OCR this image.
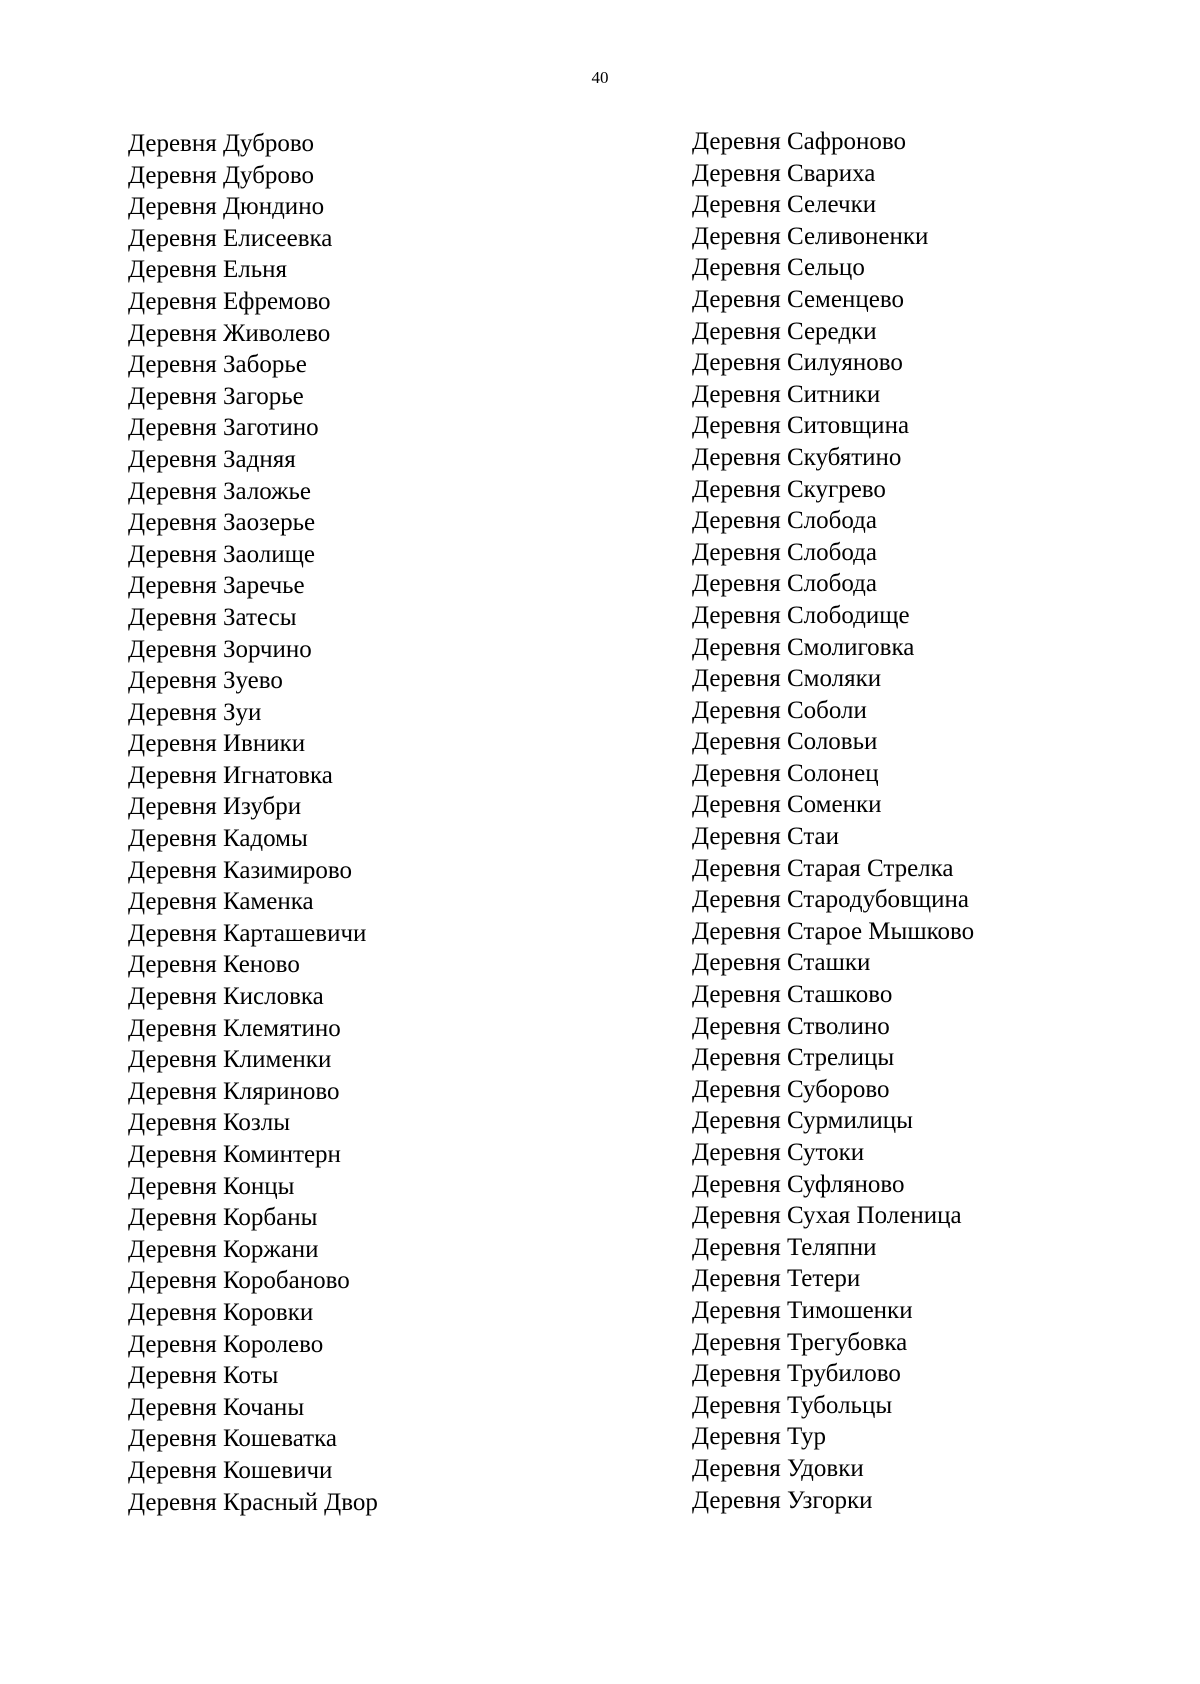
40
Деревня Дуброво
Деревня Дуброво
Деревня Дюндино
Деревня Елисеевка
Деревня Ельня
Деревня Ефремово
Деревня Живолево
Деревня Заборье
Деревня Загорье
Деревня Заготино
Деревня Задняя
Деревня Заложье
Деревня Заозерье
Деревня Заолище
Деревня Заречье
Деревня Затесы
Деревня Зорчино
Деревня Зуево
Деревня Зуи
Деревня Ивники
Деревня Игнатовка
Деревня Изубри
Деревня Кадомы
Деревня Казимирово
Деревня Каменка
Деревня Карташевичи
Деревня Кеново
Деревня Кисловка
Деревня Клемятино
Деревня Клименки
Деревня Кляриново
Деревня Козлы
Деревня Коминтерн
Деревня Концы
Деревня Корбаны
Деревня Коржани
Деревня Коробаново
Деревня Коровки
Деревня Королево
Деревня Коты
Деревня Кочаны
Деревня Кошеватка
Деревня Кошевичи
Деревня Красный Двор
Деревня Сафроново
Деревня Свариха
Деревня Селечки
Деревня Селивоненки
Деревня Сельцо
Деревня Семенцево
Деревня Середки
Деревня Силуяново
Деревня Ситники
Деревня Ситовщина
Деревня Скубятино
Деревня Скугрево
Деревня Слобода
Деревня Слобода
Деревня Слобода
Деревня Слободище
Деревня Смолиговка
Деревня Смоляки
Деревня Соболи
Деревня Соловьи
Деревня Солонец
Деревня Соменки
Деревня Стаи
Деревня Старая Стрелка
Деревня Стародубовщина
Деревня Старое Мышково
Деревня Сташки
Деревня Сташково
Деревня Стволино
Деревня Стрелицы
Деревня Суборово
Деревня Сурмилицы
Деревня Сутоки
Деревня Суфляново
Деревня Сухая Поленица
Деревня Теляпни
Деревня Тетери
Деревня Тимошенки
Деревня Трегубовка
Деревня Трубилово
Деревня Тубольцы
Деревня Тур
Деревня Удовки
Деревня Узгорки
